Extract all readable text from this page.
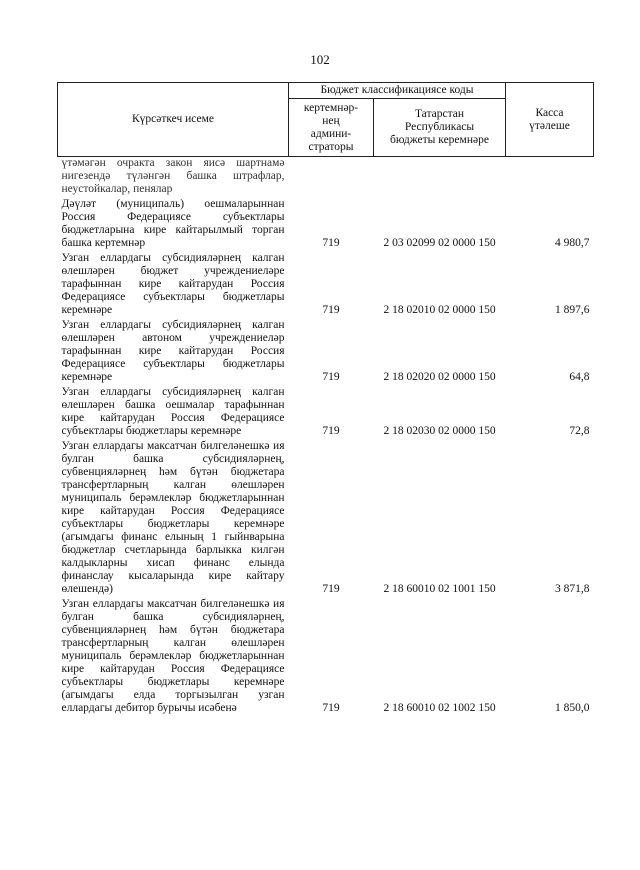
102
Күрсәткеч исеме	Бюджет классификациясе коды		Касса
үтәлеше
	кертемнәр-
нең
админи-
страторы	Татарстан
Республикасы
бюджеты керемнәре	
үтәмәгән очракта закон яисә шартнамә нигезендә түләнгән башка штрафлар, неустойкалар, пенялар			
Дәүләт (муниципаль) оешмаларыннан Россия Федерациясе субъектлары бюджетларына кире кайтарылмый торган башка кертемнәр	719	2 03 02099 02 0000 150	4 980,7
Узган еллардагы субсидияләрнең калган өлешләрен бюджет учреждениеләре тарафыннан кире кайтарудан Россия Федерациясе субъектлары бюджетлары керемнәре	719	2 18 02010 02 0000 150	1 897,6
Узган еллардагы субсидияләрнең калган өлешләрен автоном учреждениеләр тарафыннан кире кайтарудан Россия Федерациясе субъектлары бюджетлары керемнәре	719	2 18 02020 02 0000 150	64,8
Узган еллардагы субсидияләрнең калган өлешләрен башка оешмалар тарафыннан кире кайтарудан Россия Федерациясе субъектлары бюджетлары керемнәре	719	2 18 02030 02 0000 150	72,8
Узган еллардагы максатчан билгеләнешкә ия булган башка субсидияләрнең, субвенцияләрнең һәм бүтән бюджетара трансфертларның калган өлешләрен муниципаль берәмлекләр бюджетларыннан кире кайтарудан Россия Федерациясе субъектлары бюджетлары керемнәре (агымдагы финанс елының 1 гыйнварына бюджетлар счетларында барлыкка килгән калдыкларны хисап финанс елында финанслау кысаларында кире кайтару өлешендә)	719	2 18 60010 02 1001 150	3 871,8
Узган еллардагы максатчан билгеләнешкә ия булган башка субсидияләрнең, субвенцияләрнең һәм бүтән бюджетара трансфертларның калган өлешләрен муниципаль берәмлекләр бюджетларыннан кире кайтарудан Россия Федерациясе субъектлары бюджетлары керемнәре (агымдагы елда торгызылган узган еллардагы дебитор бурычы исәбенә	719	2 18 60010 02 1002 150	1 850,0
